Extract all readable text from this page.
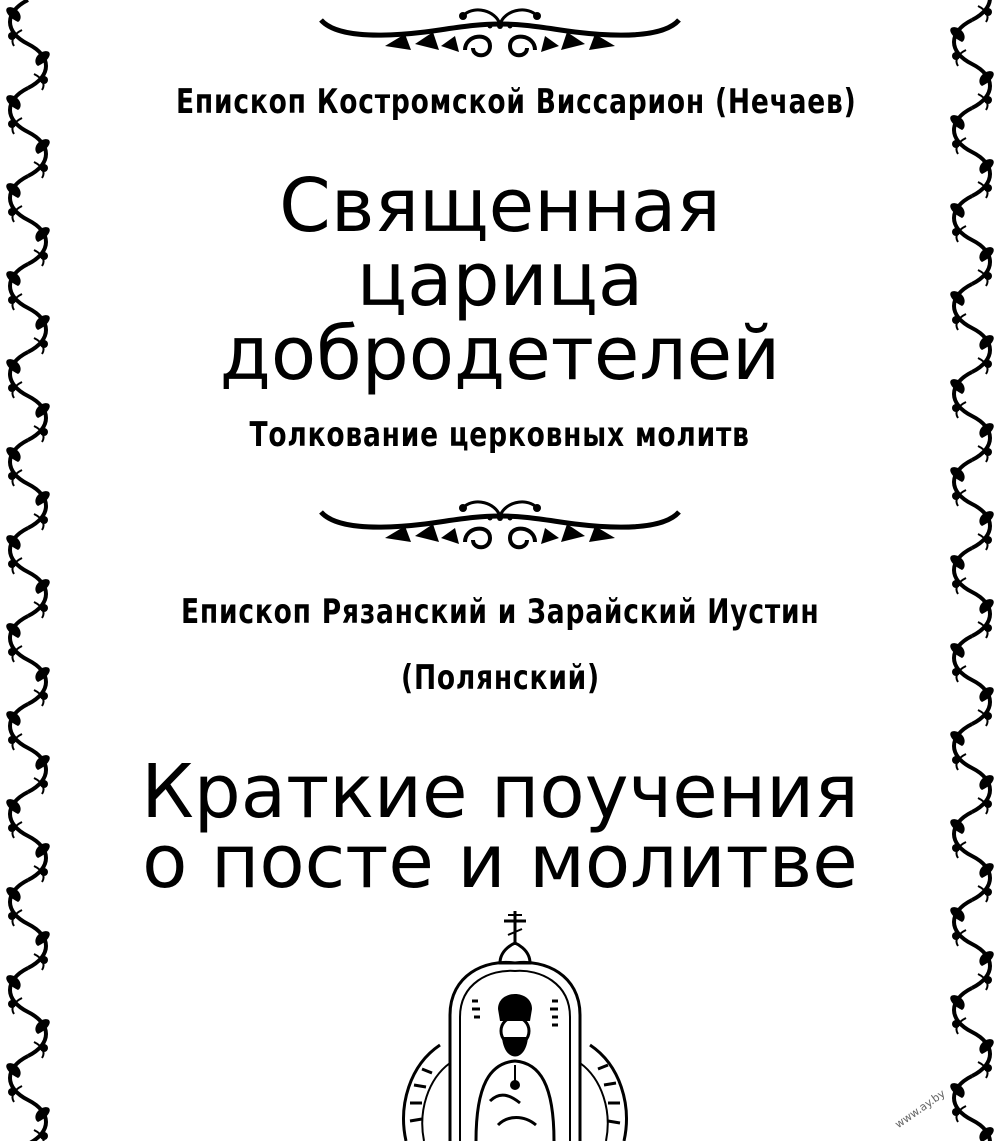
Епископ Костромской Виссарион (Нечаев)
Священная
царица
добродетелей
Толкование церковных молитв
Епископ Рязанский и Зарайский Иустин
(Полянский)
Краткие поучения
о посте и молитве
www.ay.by
